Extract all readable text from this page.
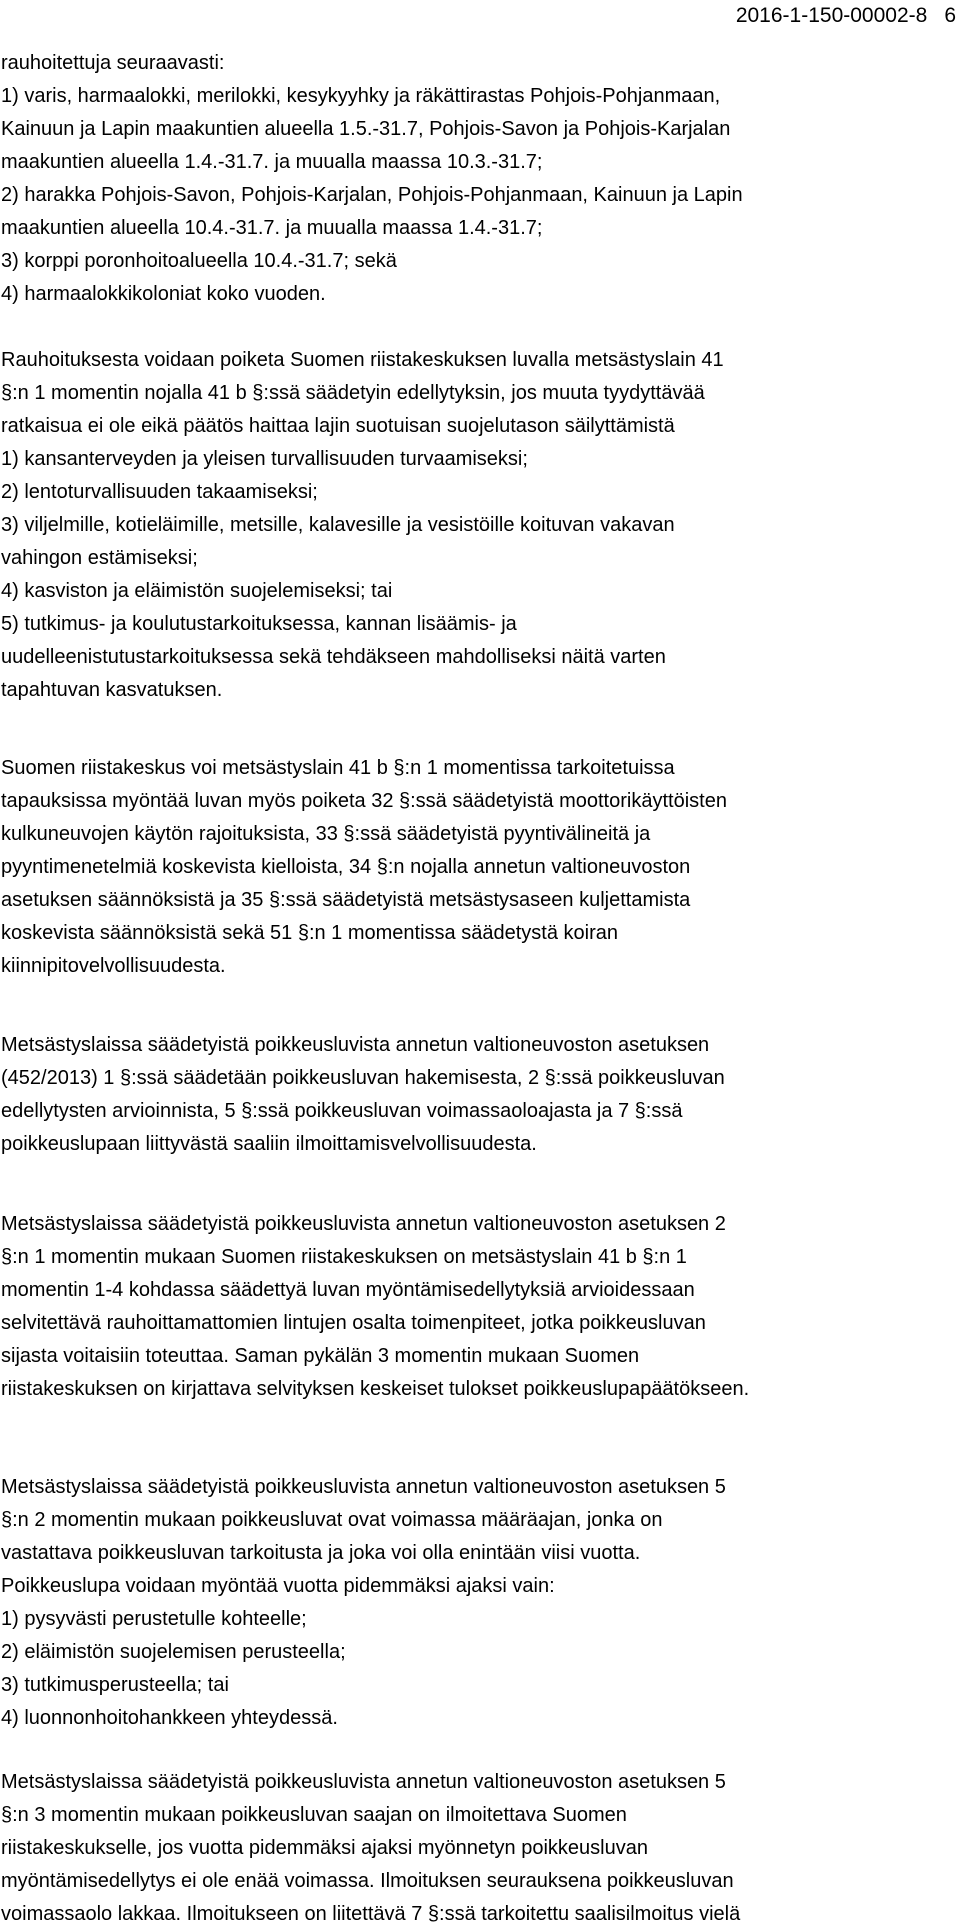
2016-1-150-00002-8 6
rauhoitettuja seuraavasti:
1) varis, harmaalokki, merilokki, kesykyyhky ja räkättirastas Pohjois-Pohjanmaan,
Kainuun ja Lapin maakuntien alueella 1.5.-31.7, Pohjois-Savon ja Pohjois-Karjalan
maakuntien alueella 1.4.-31.7. ja muualla maassa 10.3.-31.7;
2) harakka Pohjois-Savon, Pohjois-Karjalan, Pohjois-Pohjanmaan, Kainuun ja Lapin
maakuntien alueella 10.4.-31.7. ja muualla maassa 1.4.-31.7;
3) korppi poronhoitoalueella 10.4.-31.7; sekä
4) harmaalokkikoloniat koko vuoden.
Rauhoituksesta voidaan poiketa Suomen riistakeskuksen luvalla metsästyslain 41
§:n 1 momentin nojalla 41 b §:ssä säädetyin edellytyksin, jos muuta tyydyttävää
ratkaisua ei ole eikä päätös haittaa lajin suotuisan suojelutason säilyttämistä
1) kansanterveyden ja yleisen turvallisuuden turvaamiseksi;
2) lentoturvallisuuden takaamiseksi;
3) viljelmille, kotieläimille, metsille, kalavesille ja vesistöille koituvan vakavan
vahingon estämiseksi;
4) kasviston ja eläimistön suojelemiseksi; tai
5) tutkimus- ja koulutustarkoituksessa, kannan lisäämis- ja
uudelleenistutustarkoituksessa sekä tehdäkseen mahdolliseksi näitä varten
tapahtuvan kasvatuksen.
Suomen riistakeskus voi metsästyslain 41 b §:n 1 momentissa tarkoitetuissa
tapauksissa myöntää luvan myös poiketa 32 §:ssä säädetyistä moottorikäyttöisten
kulkuneuvojen käytön rajoituksista, 33 §:ssä säädetyistä pyyntivälineitä ja
pyyntimenetelmiä koskevista kielloista, 34 §:n nojalla annetun valtioneuvoston
asetuksen säännöksistä ja 35 §:ssä säädetyistä metsästysaseen kuljettamista
koskevista säännöksistä sekä 51 §:n 1 momentissa säädetystä koiran
kiinnipitovelvollisuudesta.
Metsästyslaissa säädetyistä poikkeusluvista annetun valtioneuvoston asetuksen
(452/2013) 1 §:ssä säädetään poikkeusluvan hakemisesta, 2 §:ssä poikkeusluvan
edellytysten arvioinnista, 5 §:ssä poikkeusluvan voimassaoloajasta ja 7 §:ssä
poikkeuslupaan liittyvästä saaliin ilmoittamisvelvollisuudesta.
Metsästyslaissa säädetyistä poikkeusluvista annetun valtioneuvoston asetuksen 2
§:n 1 momentin mukaan Suomen riistakeskuksen on metsästyslain 41 b §:n 1
momentin 1-4 kohdassa säädettyä luvan myöntämisedellytyksiä arvioidessaan
selvitettävä rauhoittamattomien lintujen osalta toimenpiteet, jotka poikkeusluvan
sijasta voitaisiin toteuttaa. Saman pykälän 3 momentin mukaan Suomen
riistakeskuksen on kirjattava selvityksen keskeiset tulokset poikkeuslupapäätökseen.
Metsästyslaissa säädetyistä poikkeusluvista annetun valtioneuvoston asetuksen 5
§:n 2 momentin mukaan poikkeusluvat ovat voimassa määräajan, jonka on
vastattava poikkeusluvan tarkoitusta ja joka voi olla enintään viisi vuotta.
Poikkeuslupa voidaan myöntää vuotta pidemmäksi ajaksi vain:
1) pysyvästi perustetulle kohteelle;
2) eläimistön suojelemisen perusteella;
3) tutkimusperusteella; tai
4) luonnonhoitohankkeen yhteydessä.
Metsästyslaissa säädetyistä poikkeusluvista annetun valtioneuvoston asetuksen 5
§:n 3 momentin mukaan poikkeusluvan saajan on ilmoitettava Suomen
riistakeskukselle, jos vuotta pidemmäksi ajaksi myönnetyn poikkeusluvan
myöntämisedellytys ei ole enää voimassa. Ilmoituksen seurauksena poikkeusluvan
voimassaolo lakkaa. Ilmoitukseen on liitettävä 7 §:ssä tarkoitettu saalisilmoitus vielä
